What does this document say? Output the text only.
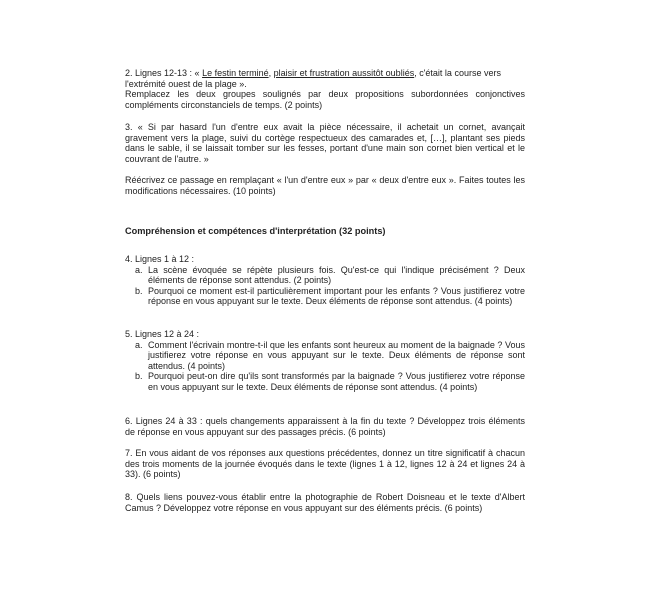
2. Lignes 12-13 : « Le festin terminé, plaisir et frustration aussitôt oubliés, c'était la course vers l'extrémité ouest de la plage ».

Remplacez les deux groupes soulignés par deux propositions subordonnées conjonctives compléments circonstanciels de temps. (2 points)

3. « Si par hasard l'un d'entre eux avait la pièce nécessaire, il achetait un cornet, avançait gravement vers la plage, suivi du cortège respectueux des camarades et, […], plantant ses pieds dans le sable, il se laissait tomber sur les fesses, portant d'une main son cornet bien vertical et le couvrant de l'autre. »

Réécrivez ce passage en remplaçant « l'un d'entre eux » par « deux d'entre eux ». Faites toutes les modifications nécessaires. (10 points)

Compréhension et compétences d'interprétation (32 points)

4. Lignes 1 à 12 :

a. La scène évoquée se répète plusieurs fois. Qu'est-ce qui l'indique précisément ? Deux éléments de réponse sont attendus. (2 points)
b. Pourquoi ce moment est-il particulièrement important pour les enfants ? Vous justifierez votre réponse en vous appuyant sur le texte. Deux éléments de réponse sont attendus. (4 points)

5. Lignes 12 à 24 :

a. Comment l'écrivain montre-t-il que les enfants sont heureux au moment de la baignade ? Vous justifierez votre réponse en vous appuyant sur le texte. Deux éléments de réponse sont attendus. (4 points)
b. Pourquoi peut-on dire qu'ils sont transformés par la baignade ? Vous justifierez votre réponse en vous appuyant sur le texte. Deux éléments de réponse sont attendus. (4 points)

6. Lignes 24 à 33 : quels changements apparaissent à la fin du texte ? Développez trois éléments de réponse en vous appuyant sur des passages précis. (6 points)

7. En vous aidant de vos réponses aux questions précédentes, donnez un titre significatif à chacun des trois moments de la journée évoqués dans le texte (lignes 1 à 12, lignes 12 à 24 et lignes 24 à 33). (6 points)

8. Quels liens pouvez-vous établir entre la photographie de Robert Doisneau et le texte d'Albert Camus ? Développez votre réponse en vous appuyant sur des éléments précis. (6 points)
